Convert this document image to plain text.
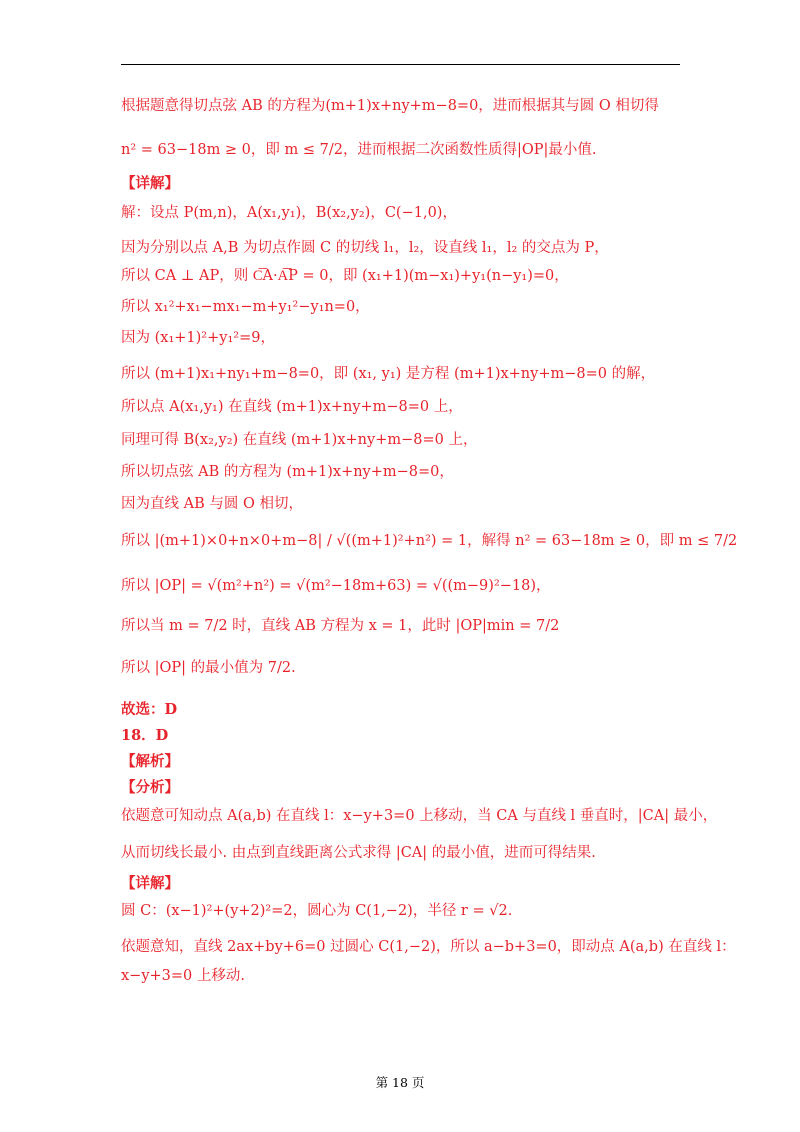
根据题意得切点弦 AB 的方程为(m+1)x+ny+m−8=0，进而根据其与圆 O 相切得
n² = 63−18m ≥ 0，即 m ≤ 7/2，进而根据二次函数性质得|OP|最小值.
【详解】
解：设点 P(m,n)，A(x₁,y₁)，B(x₂,y₂)，C(−1,0)，
因为分别以点 A,B 为切点作圆 C 的切线 l₁，l₂，设直线 l₁，l₂ 的交点为 P，
所以 CA ⊥ AP，则 C͞A·A͞P = 0，即 (x₁+1)(m−x₁)+y₁(n−y₁)=0，
所以 x₁²+x₁−mx₁−m+y₁²−y₁n=0，
因为 (x₁+1)²+y₁²=9，
所以 (m+1)x₁+ny₁+m−8=0，即 (x₁, y₁) 是方程 (m+1)x+ny+m−8=0 的解，
所以点 A(x₁,y₁) 在直线 (m+1)x+ny+m−8=0 上，
同理可得 B(x₂,y₂) 在直线 (m+1)x+ny+m−8=0 上，
所以切点弦 AB 的方程为 (m+1)x+ny+m−8=0，
因为直线 AB 与圆 O 相切，
所以 |(m+1)×0+n×0+m−8| / √((m+1)²+n²) = 1，解得 n² = 63−18m ≥ 0，即 m ≤ 7/2
所以 |OP| = √(m²+n²) = √(m²−18m+63) = √((m−9)²−18)，
所以当 m = 7/2 时，直线 AB 方程为 x = 1，此时 |OP|min = 7/2
所以 |OP| 的最小值为 7/2.
故选：D
18．D
【解析】
【分析】
依题意可知动点 A(a,b) 在直线 l：x−y+3=0 上移动，当 CA 与直线 l 垂直时，|CA| 最小，
从而切线长最小. 由点到直线距离公式求得 |CA| 的最小值，进而可得结果.
【详解】
圆 C：(x−1)²+(y+2)²=2，圆心为 C(1,−2)，半径 r = √2.
依题意知，直线 2ax+by+6=0 过圆心 C(1,−2)，所以 a−b+3=0，即动点 A(a,b) 在直线 l：
x−y+3=0 上移动.
第 18 页
